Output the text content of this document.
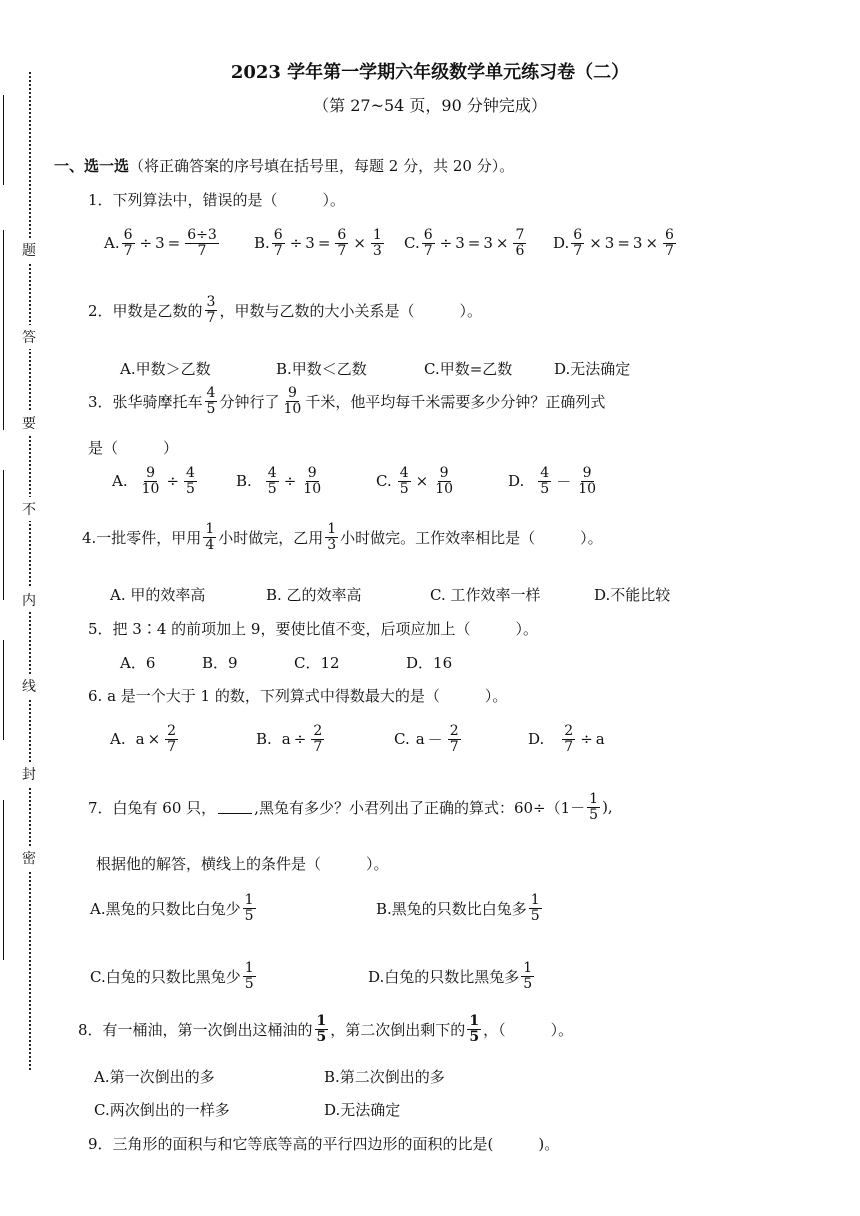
题
答
要
不
内
线
封
密
2023 学年第一学期六年级数学单元练习卷（二）
（第 27~54 页，90 分钟完成）
一、选一选（将正确答案的序号填在括号里，每题 2 分，共 20 分）。
1．下列算法中，错误的是（　　　）。
A. $\frac{6}{7} \div 3 = \frac{6\div 3}{7} B$. $\frac{6}{7} \div 3 = \frac{6}{7} \times \frac{1}{3} C$. $\frac{6}{7} \div 3 = 3 \times \frac{7}{6} D$. $\frac{6}{7} \times 3 = 3 \times \frac{6}{7}$
2．甲数是乙数的 $\frac{3}{7}$ ，甲数与乙数的大小关系是（　　　）。
A.甲数＞乙数	B.甲数＜乙数	C.甲数=乙数	D.无法确定
3．张华骑摩托车 $\frac{4}{5}$ 分钟行了 $\frac{9}{10}$ 千米，他平均每千米需要多少分钟？正确列式
是（　　　）
A. $\frac{9}{10} \div \frac{4}{5}$	B. $\frac{4}{5} \div \frac{9}{10}$	C. $\frac{4}{5} \times \frac{9}{10}$	D. $\frac{4}{5} - \frac{9}{10}$
4.一批零件，甲用 $\frac{1}{4}$ 小时做完，乙用 $\frac{1}{3}$ 小时做完。工作效率相比是（　　　）。
A. 甲的效率高	B. 乙的效率高	C. 工作效率一样	D.不能比较
5．把 3∶4 的前项加上 9，要使比值不变，后项应加上（　　　）。
A．6	B．9	C．12	D．16
6. a 是一个大于 1 的数，下列算式中得数最大的是（　　　）。
A. $a \times \frac{2}{7}$	B. $a \div \frac{2}{7}$	C. $a - \frac{2}{7}$	D. $\frac{2}{7} \div a$
7．白兔有 60 只，	,黑兔有多少？小君列出了正确的算式：$60\div(1- \frac{1}{5}$ ),
根据他的解答，横线上的条件是（　　　）。
A.黑兔的只数比白兔少 $\frac{1}{5}$	B.黑兔的只数比白兔多 $\frac{1}{5}$
C.白兔的只数比黑兔少 $\frac{1}{5}$	D.白兔的只数比黑兔多 $\frac{1}{5}$
8．有一桶油，第一次倒出这桶油的 $\frac{1}{5}$ ，第二次倒出剩下的 $\frac{1}{5}$ ，（　　　）。
A.第一次倒出的多	B.第二次倒出的多
C.两次倒出的一样多	D.无法确定
9．三角形的面积与和它等底等高的平行四边形的面积的比是(　　　)。
